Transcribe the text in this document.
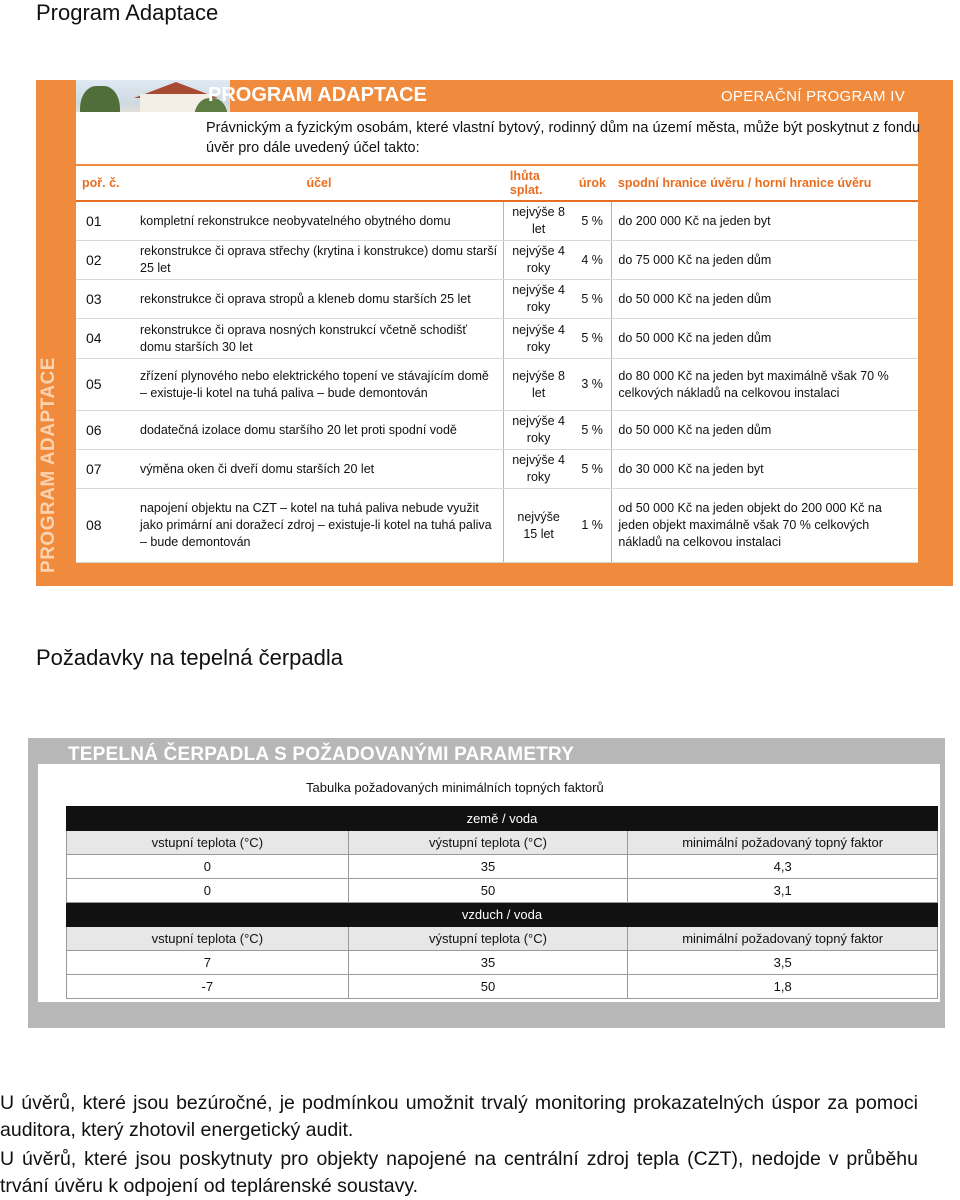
Program Adaptace
PROGRAM ADAPTACE
PROGRAM ADAPTACE	OPERAČNÍ PROGRAM IV
Právnickým a fyzickým osobám, které vlastní bytový, rodinný dům na území města, může být poskytnut z fondu úvěr pro dále uvedený účel takto:
poř. č.	účel	lhůta splat.	úrok	spodní hranice úvěru / horní hranice úvěru
01	kompletní rekonstrukce neobyvatelného obytného domu	nejvýše 8 let	5 %	do 200 000 Kč na jeden byt
02	rekonstrukce či oprava střechy (krytina i konstrukce) domu starší 25 let	nejvýše 4 roky	4 %	do 75 000 Kč na jeden dům
03	rekonstrukce či oprava stropů a kleneb domu starších 25 let	nejvýše 4 roky	5 %	do 50 000 Kč na jeden dům
04	rekonstrukce či oprava nosných konstrukcí včetně schodišť domu starších 30 let	nejvýše 4 roky	5 %	do 50 000 Kč na jeden dům
05	zřízení plynového nebo elektrického topení ve stávajícím domě – existuje-li kotel na tuhá paliva – bude demontován	nejvýše 8 let	3 %	do 80 000 Kč na jeden byt maximálně však 70 % celkových nákladů na celkovou instalaci
06	dodatečná izolace domu staršího 20 let proti spodní vodě	nejvýše 4 roky	5 %	do 50 000 Kč na jeden dům
07	výměna oken či dveří domu starších 20 let	nejvýše 4 roky	5 %	do 30 000 Kč na jeden byt
08	napojení objektu na CZT – kotel na tuhá paliva nebude využit jako primární ani doražecí zdroj – existuje-li kotel na tuhá paliva – bude demontován	nejvýše 15 let	1 %	od 50 000 Kč na jeden objekt do 200 000 Kč na jeden objekt maximálně však 70 % celkových nákladů na celkovou instalaci
Požadavky na tepelná čerpadla
TEPELNÁ ČERPADLA S POŽADOVANÝMI PARAMETRY
Tabulka požadovaných minimálních topných faktorů
země / voda		
vstupní teplota (°C)	výstupní teplota (°C)	minimální požadovaný topný faktor
0	35	4,3
0	50	3,1
vzduch / voda		
vstupní teplota (°C)	výstupní teplota (°C)	minimální požadovaný topný faktor
7	35	3,5
-7	50	1,8
U úvěrů, které jsou bezúročné, je podmínkou umožnit trvalý monitoring prokazatelných úspor za pomoci auditora, který zhotovil energetický audit.
U úvěrů, které jsou poskytnuty pro objekty napojené na centrální zdroj tepla (CZT), nedojde v průběhu trvání úvěru k odpojení od teplárenské soustavy.
